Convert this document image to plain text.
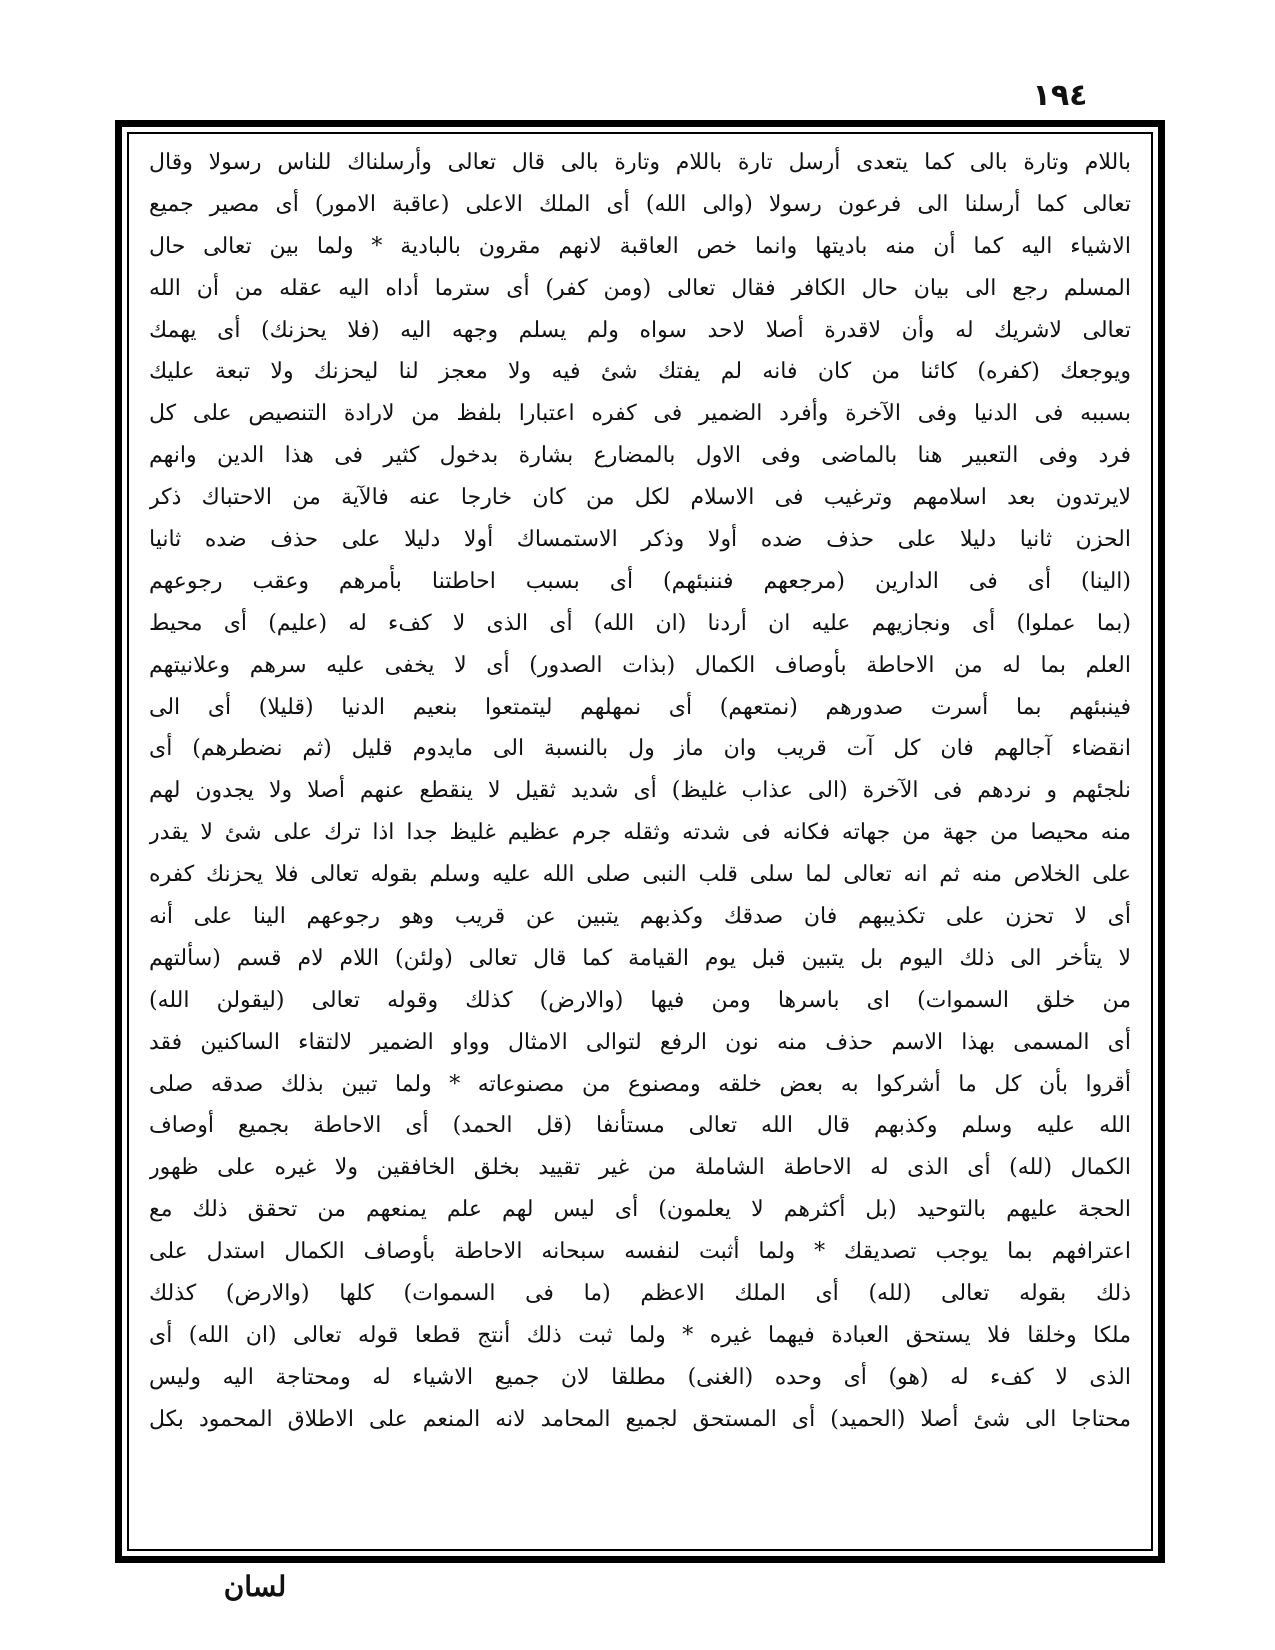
١٩٤
باللام وتارة بالى كما يتعدى أرسل تارة باللام وتارة بالى قال تعالى وأرسلناك للناس رسولا وقال
تعالى كما أرسلنا الى فرعون رسولا (والى الله) أى الملك الاعلى (عاقبة الامور) أى مصير جميع
الاشياء اليه كما أن منه باديتها وانما خص العاقبة لانهم مقرون بالبادية * ولما بين تعالى حال
المسلم رجع الى بيان حال الكافر فقال تعالى (ومن كفر) أى سترما أداه اليه عقله من أن الله
تعالى لاشريك له وأن لاقدرة أصلا لاحد سواه ولم يسلم وجهه اليه (فلا يحزنك) أى يهمك
ويوجعك (كفره) كائنا من كان فانه لم يفتك شئ فيه ولا معجز لنا ليحزنك ولا تبعة عليك
بسببه فى الدنيا وفى الآخرة وأفرد الضمير فى كفره اعتبارا بلفظ من لارادة التنصيص على كل
فرد وفى التعبير هنا بالماضى وفى الاول بالمضارع بشارة بدخول كثير فى هذا الدين وانهم
لايرتدون بعد اسلامهم وترغيب فى الاسلام لكل من كان خارجا عنه فالآية من الاحتباك ذكر
الحزن ثانيا دليلا على حذف ضده أولا وذكر الاستمساك أولا دليلا على حذف ضده ثانيا
(الينا) أى فى الدارين (مرجعهم فننبئهم) أى بسبب احاطتنا بأمرهم وعقب رجوعهم
(بما عملوا) أى ونجازيهم عليه ان أردنا (ان الله) أى الذى لا كفء له (عليم) أى محيط
العلم بما له من الاحاطة بأوصاف الكمال (بذات الصدور) أى لا يخفى عليه سرهم وعلانيتهم
فينبئهم بما أسرت صدورهم (نمتعهم) أى نمهلهم ليتمتعوا بنعيم الدنيا (قليلا) أى الى
انقضاء آجالهم فان كل آت قريب وان ماز ول بالنسبة الى مايدوم قليل (ثم نضطرهم) أى
نلجئهم و نردهم فى الآخرة (الى عذاب غليظ) أى شديد ثقيل لا ينقطع عنهم أصلا ولا يجدون لهم
منه محيصا من جهة من جهاته فكانه فى شدته وثقله جرم عظيم غليظ جدا اذا ترك على شئ لا يقدر
على الخلاص منه ثم انه تعالى لما سلى قلب النبى صلى الله عليه وسلم بقوله تعالى فلا يحزنك كفره
أى لا تحزن على تكذيبهم فان صدقك وكذبهم يتبين عن قريب وهو رجوعهم الينا على أنه
لا يتأخر الى ذلك اليوم بل يتبين قبل يوم القيامة كما قال تعالى (ولئن) اللام لام قسم (سألتهم
من خلق السموات) اى باسرها ومن فيها (والارض) كذلك وقوله تعالى (ليقولن الله)
أى المسمى بهذا الاسم حذف منه نون الرفع لتوالى الامثال وواو الضمير لالتقاء الساكنين فقد
أقروا بأن كل ما أشركوا به بعض خلقه ومصنوع من مصنوعاته * ولما تبين بذلك صدقه صلى
الله عليه وسلم وكذبهم قال الله تعالى مستأنفا (قل الحمد) أى الاحاطة بجميع أوصاف
الكمال (لله) أى الذى له الاحاطة الشاملة من غير تقييد بخلق الخافقين ولا غيره على ظهور
الحجة عليهم بالتوحيد (بل أكثرهم لا يعلمون) أى ليس لهم علم يمنعهم من تحقق ذلك مع
اعترافهم بما يوجب تصديقك * ولما أثبت لنفسه سبحانه الاحاطة بأوصاف الكمال استدل على
ذلك بقوله تعالى (لله) أى الملك الاعظم (ما فى السموات) كلها (والارض) كذلك
ملكا وخلقا فلا يستحق العبادة فيهما غيره * ولما ثبت ذلك أنتج قطعا قوله تعالى (ان الله) أى
الذى لا كفء له (هو) أى وحده (الغنى) مطلقا لان جميع الاشياء له ومحتاجة اليه وليس
محتاجا الى شئ أصلا (الحميد) أى المستحق لجميع المحامد لانه المنعم على الاطلاق المحمود بكل
لسان
